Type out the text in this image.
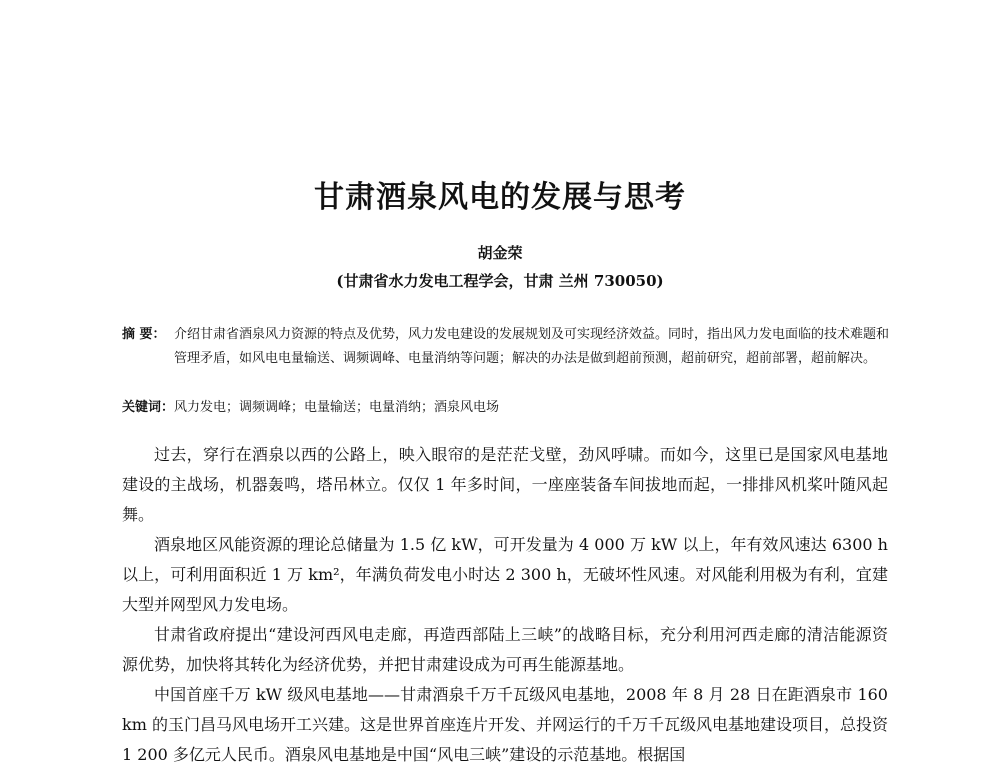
甘肃酒泉风电的发展与思考
胡金荣
(甘肃省水力发电工程学会，甘肃 兰州 730050)
摘 要： 介绍甘肃省酒泉风力资源的特点及优势，风力发电建设的发展规划及可实现经济效益。同时，指出风力发电面临的技术难题和管理矛盾，如风电电量输送、调频调峰、电量消纳等问题；解决的办法是做到超前预测，超前研究，超前部署，超前解决。
关键词：风力发电；调频调峰；电量输送；电量消纳；酒泉风电场

过去，穿行在酒泉以西的公路上，映入眼帘的是茫茫戈壁，劲风呼啸。而如今，这里已是国家风电基地建设的主战场，机器轰鸣，塔吊林立。仅仅 1 年多时间，一座座装备车间拔地而起，一排排风机桨叶随风起舞。

酒泉地区风能资源的理论总储量为 1.5 亿 kW，可开发量为 4 000 万 kW 以上，年有效风速达 6300 h 以上，可利用面积近 1 万 km²，年满负荷发电小时达 2 300 h，无破坏性风速。对风能利用极为有利，宜建大型并网型风力发电场。

甘肃省政府提出“建设河西风电走廊，再造西部陆上三峡”的战略目标，充分利用河西走廊的清洁能源资源优势，加快将其转化为经济优势，并把甘肃建设成为可再生能源基地。

中国首座千万 kW 级风电基地——甘肃酒泉千万千瓦级风电基地，2008 年 8 月 28 日在距酒泉市 160 km 的玉门昌马风电场开工兴建。这是世界首座连片开发、并网运行的千万千瓦级风电基地建设项目，总投资 1 200 多亿元人民币。酒泉风电基地是中国“风电三峡”建设的示范基地。根据国
